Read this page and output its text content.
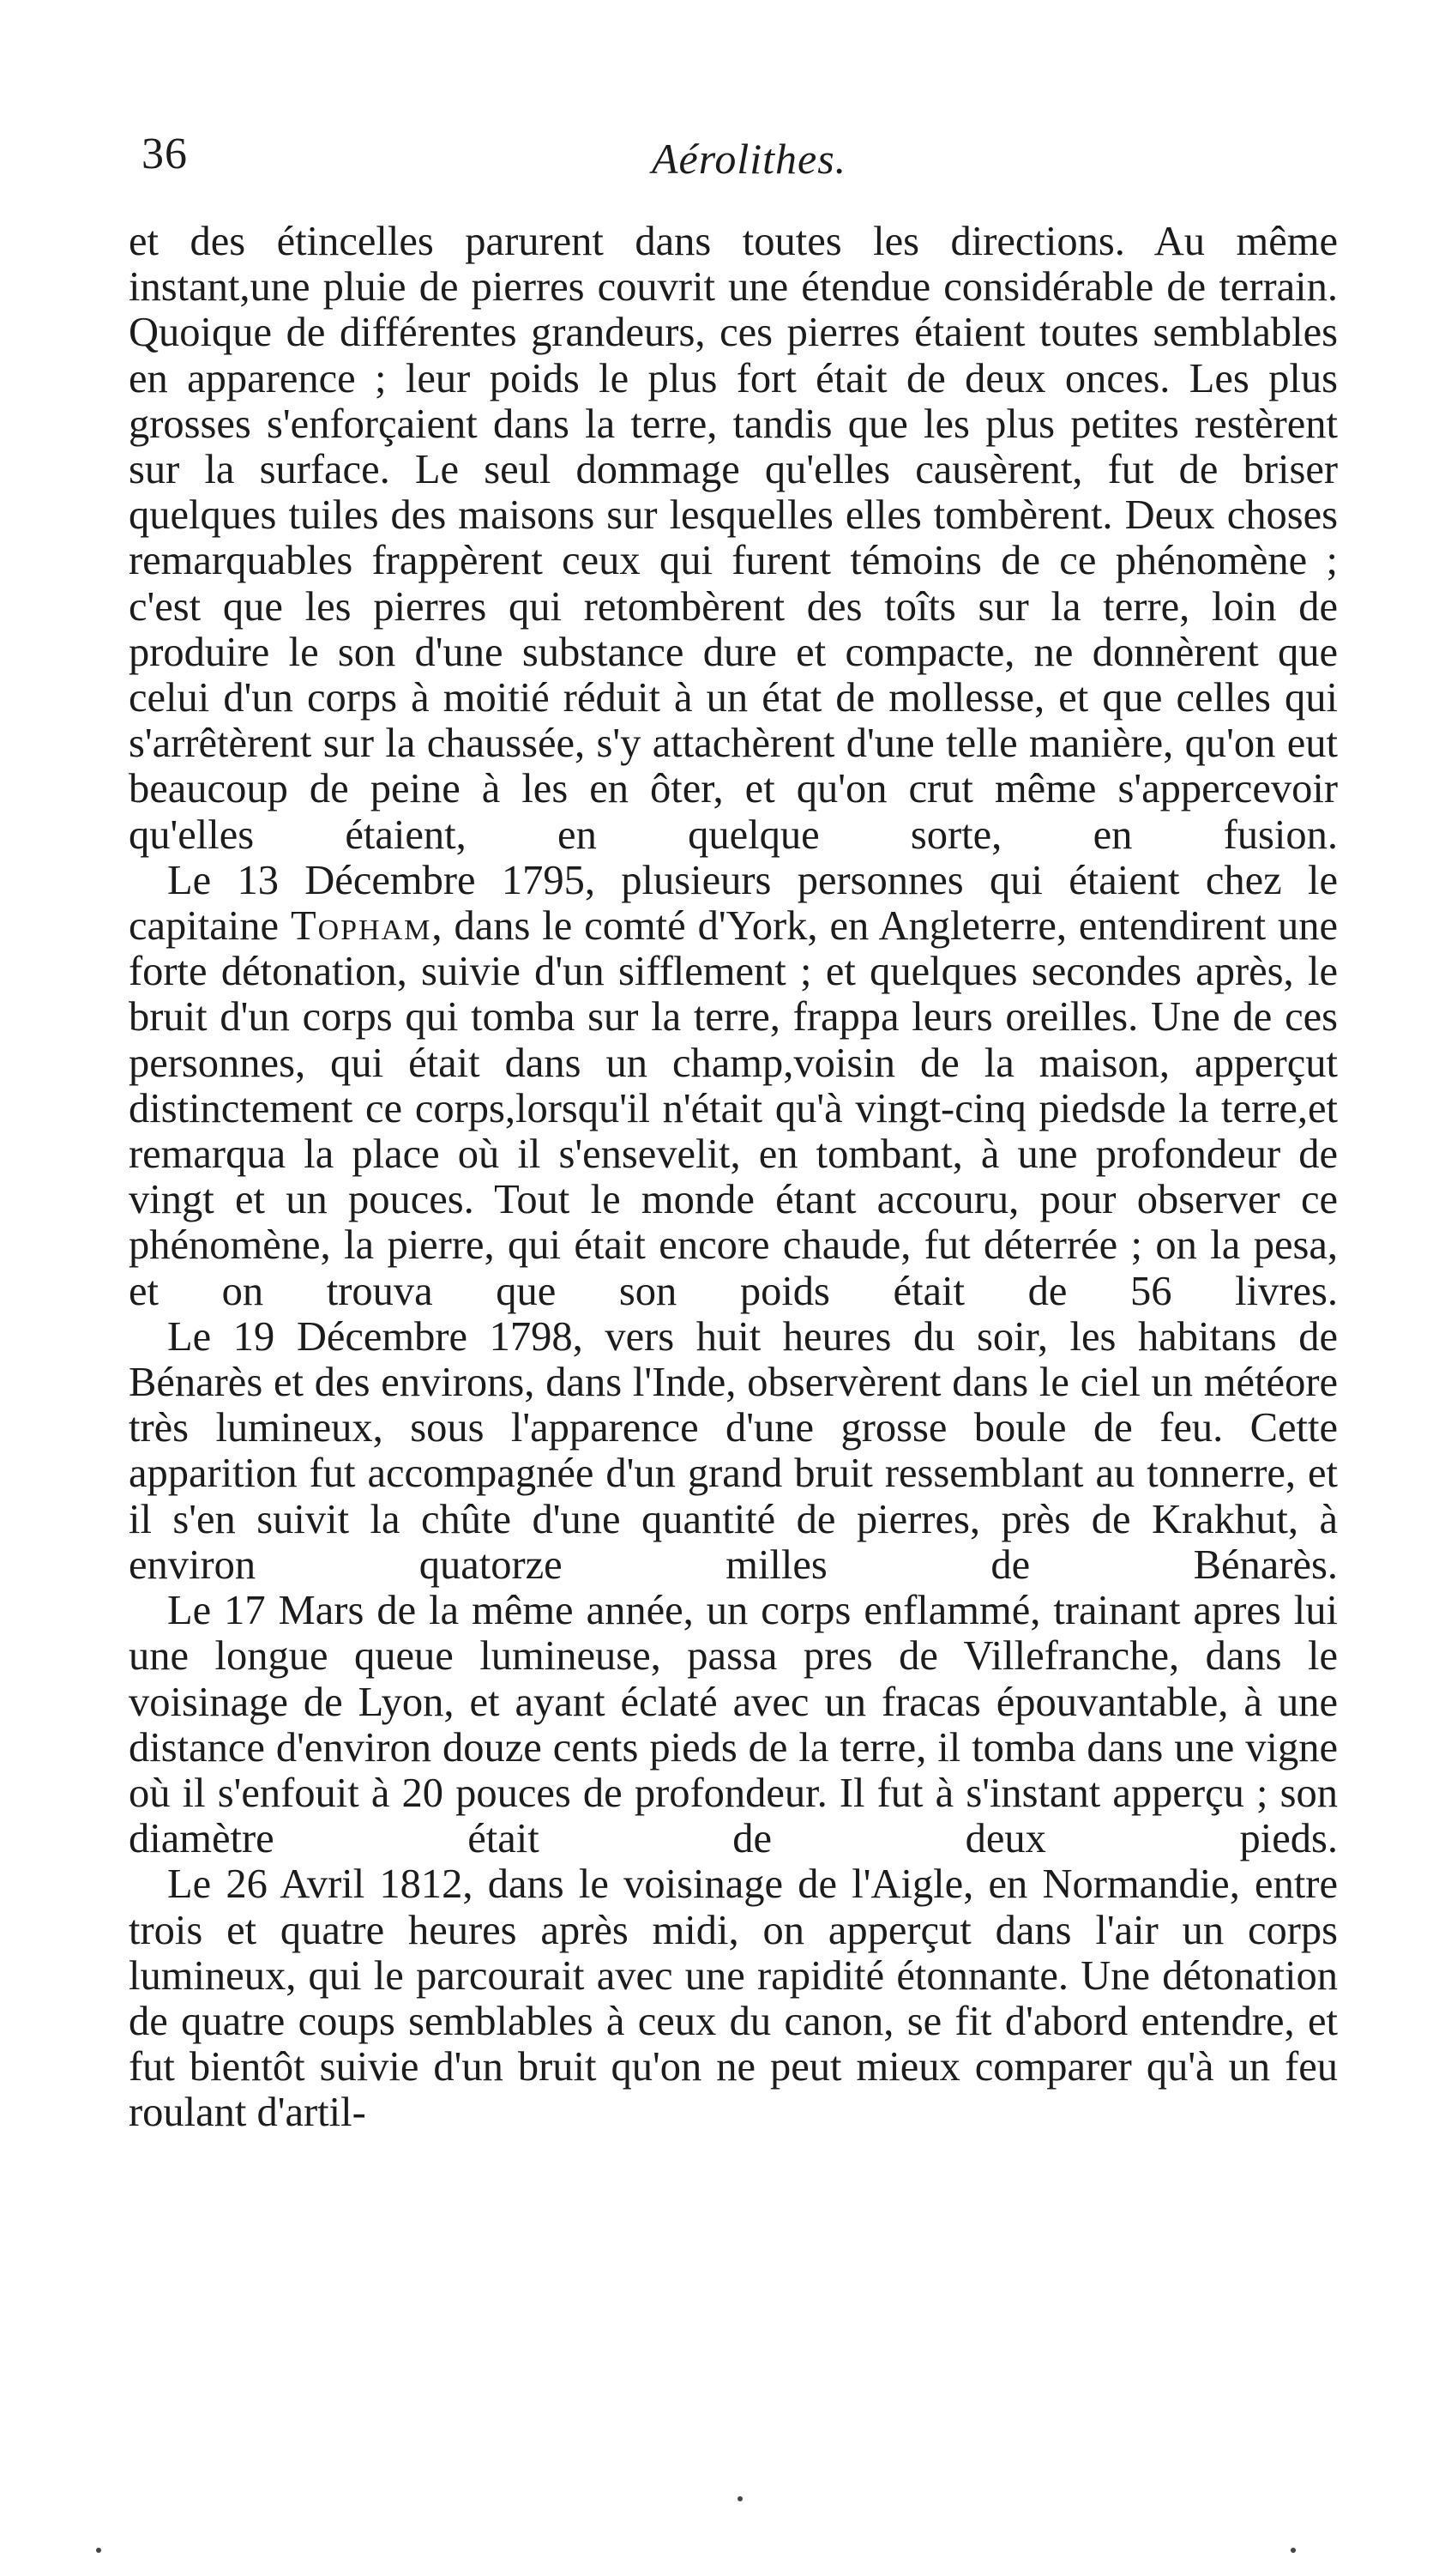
36	Aérolithes.

et des étincelles parurent dans toutes les directions. Au même instant,une pluie de pierres couvrit une étendue considérable de terrain. Quoique de différentes grandeurs, ces pierres étaient toutes semblables en apparence ; leur poids le plus fort était de deux onces. Les plus grosses s'enforçaient dans la terre, tandis que les plus petites restèrent sur la surface. Le seul dommage qu'elles causèrent, fut de briser quelques tuiles des maisons sur lesquelles elles tombèrent. Deux choses remarquables frappèrent ceux qui furent témoins de ce phénomène ; c'est que les pierres qui retombèrent des toîts sur la terre, loin de produire le son d'une substance dure et compacte, ne donnèrent que celui d'un corps à moitié réduit à un état de mollesse, et que celles qui s'arrêtèrent sur la chaussée, s'y attachèrent d'une telle manière, qu'on eut beaucoup de peine à les en ôter, et qu'on crut même s'appercevoir qu'elles étaient, en quelque sorte, en fusion.

Le 13 Décembre 1795, plusieurs personnes qui étaient chez le capitaine Topham, dans le comté d'York, en Angleterre, entendirent une forte détonation, suivie d'un sifflement ; et quelques secondes après, le bruit d'un corps qui tomba sur la terre, frappa leurs oreilles. Une de ces personnes, qui était dans un champ,voisin de la maison, apperçut distinctement ce corps,lorsqu'il n'était qu'à vingt-cinq piedsde la terre,et remarqua la place où il s'ensevelit, en tombant, à une profondeur de vingt et un pouces. Tout le monde étant accouru, pour observer ce phénomène, la pierre, qui était encore chaude, fut déterrée ; on la pesa, et on trouva que son poids était de 56 livres.

Le 19 Décembre 1798, vers huit heures du soir, les habitans de Bénarès et des environs, dans l'Inde, observèrent dans le ciel un météore très lumineux, sous l'apparence d'une grosse boule de feu. Cette apparition fut accompagnée d'un grand bruit ressemblant au tonnerre, et il s'en suivit la chûte d'une quantité de pierres, près de Krakhut, à environ quatorze milles de Bénarès.

Le 17 Mars de la même année, un corps enflammé, trainant apres lui une longue queue lumineuse, passa pres de Villefranche, dans le voisinage de Lyon, et ayant éclaté avec un fracas épouvantable, à une distance d'environ douze cents pieds de la terre, il tomba dans une vigne où il s'enfouit à 20 pouces de profondeur. Il fut à s'instant apperçu ; son diamètre était de deux pieds.

Le 26 Avril 1812, dans le voisinage de l'Aigle, en Normandie, entre trois et quatre heures après midi, on apperçut dans l'air un corps lumineux, qui le parcourait avec une rapidité étonnante. Une détonation de quatre coups semblables à ceux du canon, se fit d'abord entendre, et fut bientôt suivie d'un bruit qu'on ne peut mieux comparer qu'à un feu roulant d'artil-
